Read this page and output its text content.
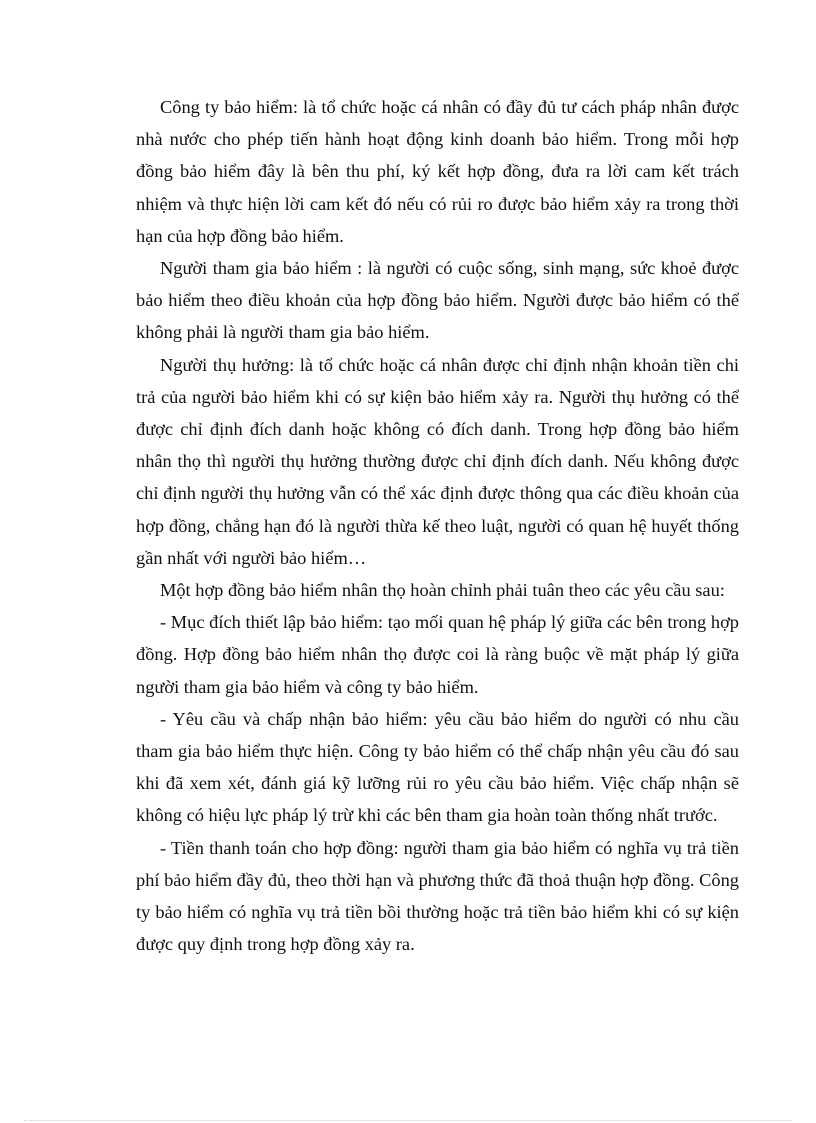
Công ty bảo hiểm: là tổ chức hoặc cá nhân có đầy đủ tư cách pháp nhân được nhà nước cho phép tiến hành hoạt động kinh doanh bảo hiểm. Trong mỗi hợp đồng bảo hiểm đây là bên thu phí, ký kết hợp đồng, đưa ra lời cam kết trách nhiệm và thực hiện lời cam kết đó nếu có rủi ro được bảo hiểm xảy ra trong thời hạn của hợp đồng bảo hiểm.

Người tham gia bảo hiểm : là người có cuộc sống, sinh mạng, sức khoẻ được bảo hiểm theo điều khoản của hợp đồng bảo hiểm. Người được bảo hiểm có thể không phải là người tham gia bảo hiểm.

Người thụ hưởng: là tổ chức hoặc cá nhân được chỉ định nhận khoản tiền chi trả của người bảo hiểm khi có sự kiện bảo hiểm xảy ra. Người thụ hưởng có thể được chỉ định đích danh hoặc không có đích danh. Trong hợp đồng bảo hiểm nhân thọ thì người thụ hưởng thường được chỉ định đích danh. Nếu không được chỉ định người thụ hưởng vẫn có thể xác định được thông qua các điều khoản của hợp đồng, chẳng hạn đó là người thừa kế theo luật, người có quan hệ huyết thống gần nhất với người bảo hiểm…

Một hợp đồng bảo hiểm nhân thọ hoàn chỉnh phải tuân theo các yêu cầu sau:

- Mục đích thiết lập bảo hiểm: tạo mối quan hệ pháp lý giữa các bên trong hợp đồng. Hợp đồng bảo hiểm nhân thọ được coi là ràng buộc về mặt pháp lý giữa người tham gia bảo hiểm và công ty bảo hiểm.

- Yêu cầu và chấp nhận bảo hiểm: yêu cầu bảo hiểm do người có nhu cầu tham gia bảo hiểm thực hiện. Công ty bảo hiểm có thể chấp nhận yêu cầu đó sau khi đã xem xét, đánh giá kỹ lưỡng rủi ro yêu cầu bảo hiểm. Việc chấp nhận sẽ không có hiệu lực pháp lý trừ khi các bên tham gia hoàn toàn thống nhất trước.

- Tiền thanh toán cho hợp đồng: người tham gia bảo hiểm có nghĩa vụ trả tiền phí bảo hiểm đầy đủ, theo thời hạn và phương thức đã thoả thuận hợp đồng. Công ty bảo hiểm có nghĩa vụ trả tiền bồi thường hoặc trả tiền bảo hiểm khi có sự kiện được quy định trong hợp đồng xảy ra.
